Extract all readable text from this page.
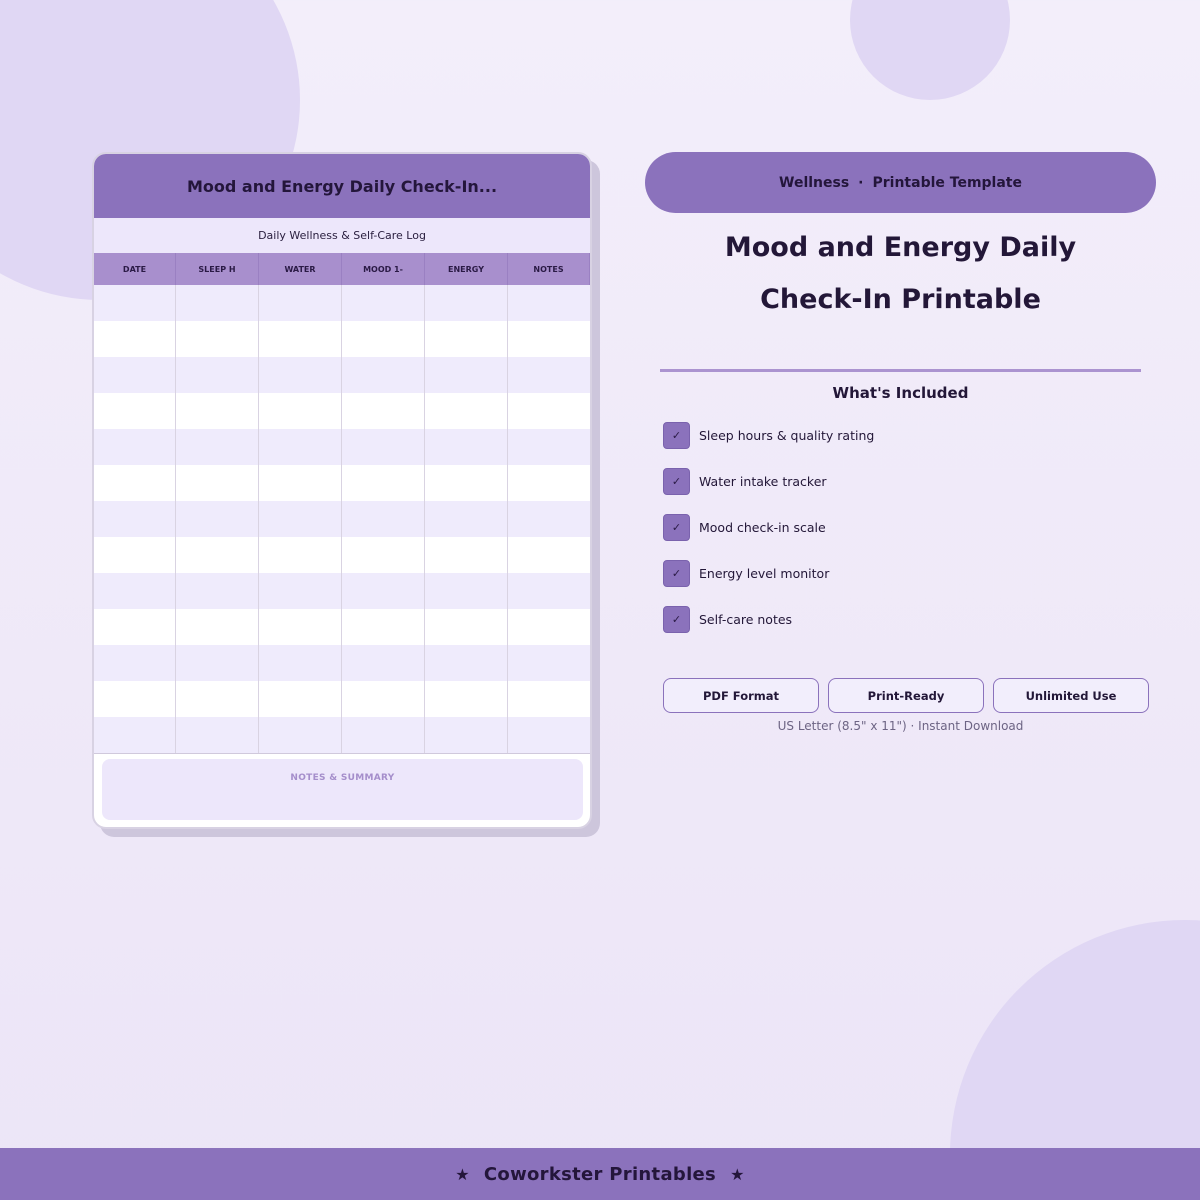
Mood and Energy Daily Check-In...
Daily Wellness & Self-Care Log
DATE	SLEEP H	WATER	MOOD 1-	ENERGY	NOTES
NOTES & SUMMARY
Wellness · Printable Template
Mood and Energy Daily
Check-In Printable
What's Included
✓	Sleep hours & quality rating
✓	Water intake tracker
✓	Mood check-in scale
✓	Energy level monitor
✓	Self-care notes
PDF Format	Print-Ready	Unlimited Use
US Letter (8.5" x 11") · Instant Download
★ Coworkster Printables ★
